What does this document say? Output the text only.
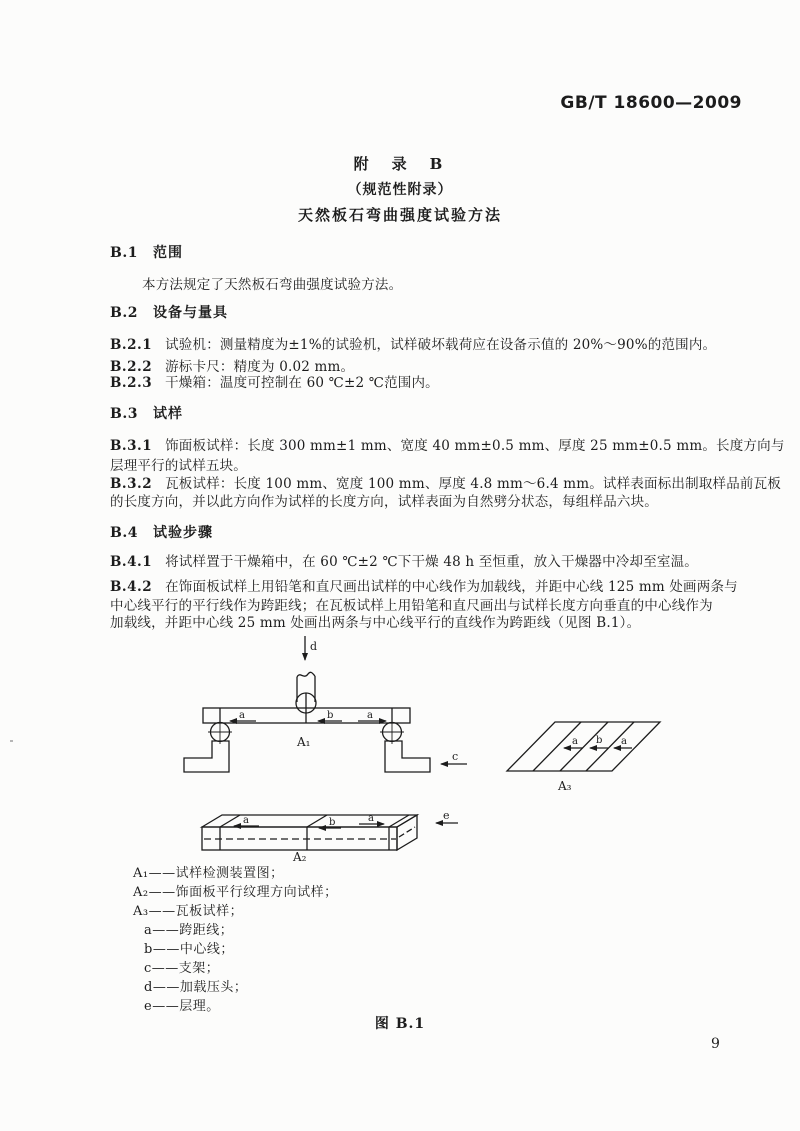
GB/T 18600—2009
附　录　B
（规范性附录）
天然板石弯曲强度试验方法
B.1 范围
本方法规定了天然板石弯曲强度试验方法。
B.2 设备与量具
B.2.1 试验机：测量精度为±1%的试验机，试样破坏载荷应在设备示值的 20%～90%的范围内。
B.2.2 游标卡尺：精度为 0.02 mm。
B.2.3 干燥箱：温度可控制在 60 ℃±2 ℃范围内。
B.3 试样
B.3.1 饰面板试样：长度 300 mm±1 mm、宽度 40 mm±0.5 mm、厚度 25 mm±0.5 mm。长度方向与
层理平行的试样五块。
B.3.2 瓦板试样：长度 100 mm、宽度 100 mm、厚度 4.8 mm～6.4 mm。试样表面标出制取样品前瓦板
的长度方向，并以此方向作为试样的长度方向，试样表面为自然劈分状态，每组样品六块。
B.4 试验步骤
B.4.1 将试样置于干燥箱中，在 60 ℃±2 ℃下干燥 48 h 至恒重，放入干燥器中冷却至室温。
B.4.2 在饰面板试样上用铅笔和直尺画出试样的中心线作为加载线，并距中心线 125 mm 处画两条与
中心线平行的平行线作为跨距线；在瓦板试样上用铅笔和直尺画出与试样长度方向垂直的中心线作为
加载线，并距中心线 25 mm 处画出两条与中心线平行的直线作为跨距线（见图 B.1）。
d
a	b	a
c
A₁	a b a
A₃
a	b	a	e
A₂
A₁——试样检测装置图；
A₂——饰面板平行纹理方向试样；
A₃——瓦板试样；
a——跨距线；
b——中心线；
c——支架；
d——加载压头；
e——层理。
图 B.1
9
